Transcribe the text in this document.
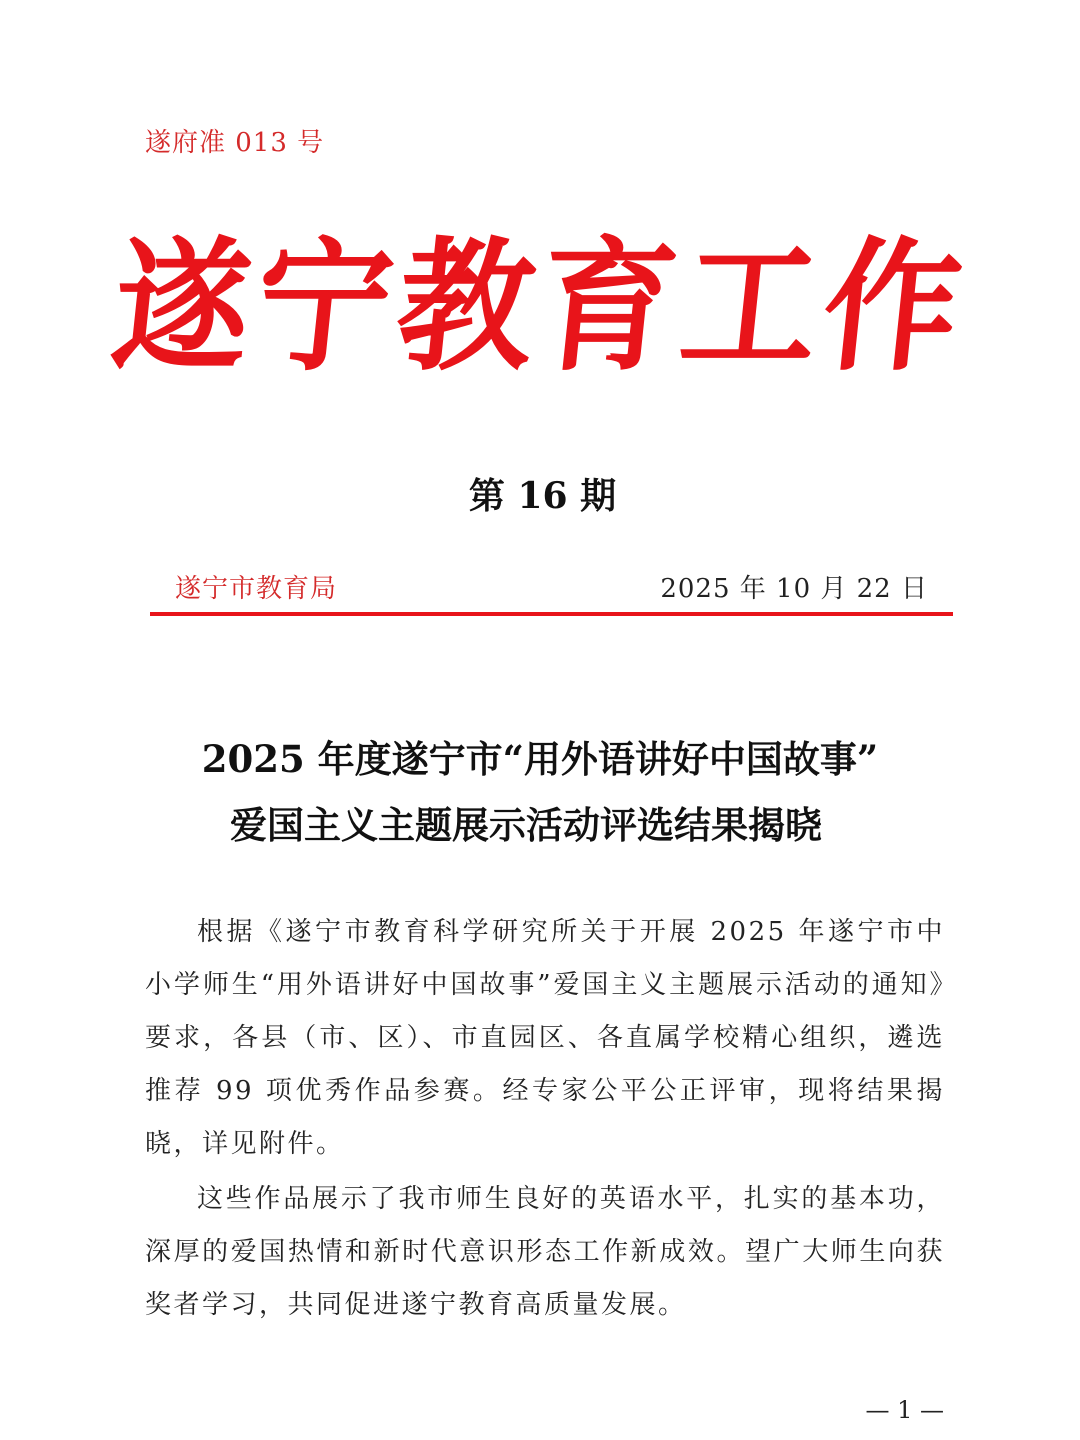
遂府准 013 号
遂宁教育工作
第 16 期
遂宁市教育局	2025 年 10 月 22 日
2025 年度遂宁市“用外语讲好中国故事”
爱国主义主题展示活动评选结果揭晓

根据《遂宁市教育科学研究所关于开展 2025 年遂宁市中小学师生“用外语讲好中国故事”爱国主义主题展示活动的通知》要求，各县（市、区）、市直园区、各直属学校精心组织，遴选推荐 99 项优秀作品参赛。经专家公平公正评审，现将结果揭晓，详见附件。

这些作品展示了我市师生良好的英语水平，扎实的基本功，深厚的爱国热情和新时代意识形态工作新成效。望广大师生向获奖者学习，共同促进遂宁教育高质量发展。

— 1 —
